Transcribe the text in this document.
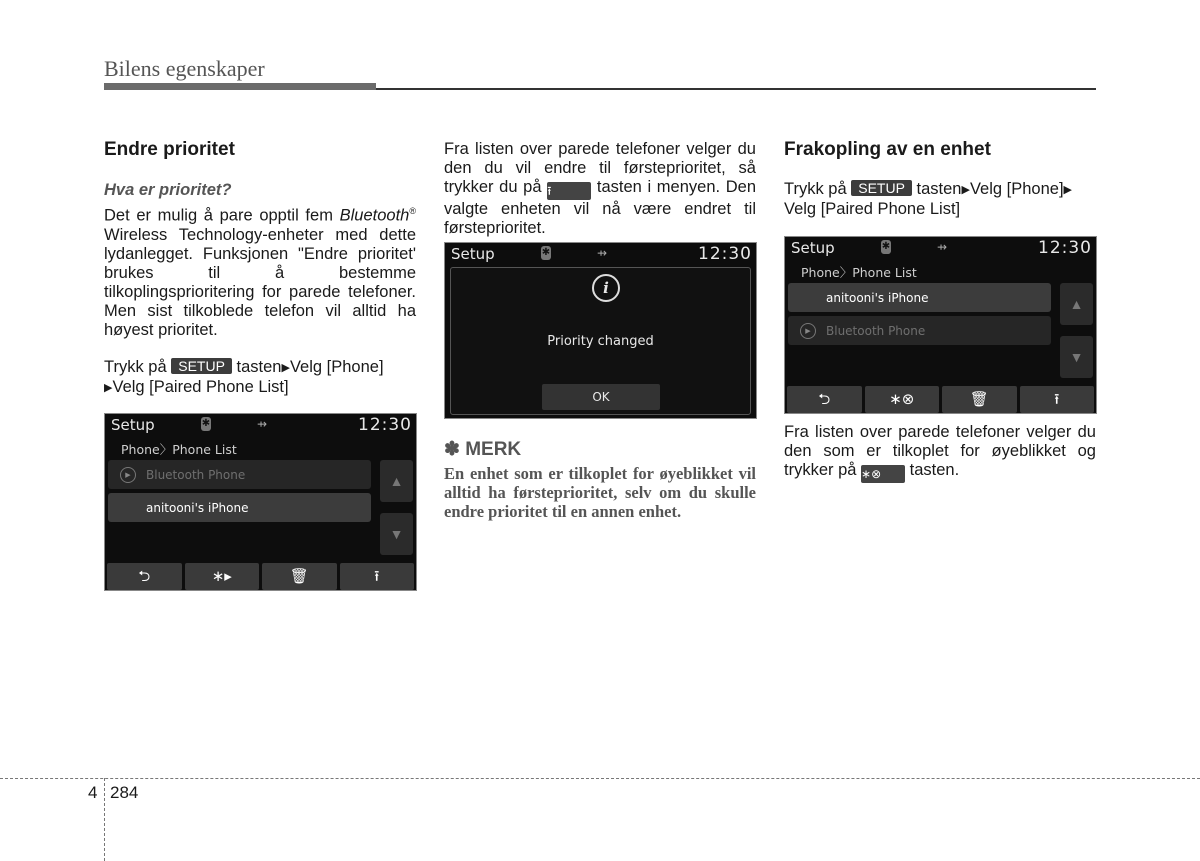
Bilens egenskaper
Endre prioritet

Hva er prioritet?

Det er mulig å pare opptil fem Bluetooth® Wireless Technology-enheter med dette lydanlegget. Funksjonen "Endre prioritet' brukes til å bestemme tilkoplingsprioritering for parede telefoner. Men sist tilkoblede telefon vil alltid ha høyest prioritet.

Trykk på SETUP tasten▶Velg [Phone]
▶Velg [Paired Phone List]

Setup	✱	⇸	12:30
Phone〉Phone List
▶	Bluetooth Phone
anitooni's iPhone
▲
▼
⮌	∗▸	🗑	⭱

Fra listen over parede telefoner velger du den du vil endre til førsteprioritet, så trykker du på ⭱	tasten i menyen. Den valgte enheten vil nå være endret til førsteprioritet.

Setup	✱	⇸	12:30
i
Priority changed
OK
✽ MERK

En enhet som er tilkoplet for øyeblikket vil alltid ha førsteprioritet, selv om du skulle endre prioritet til en annen enhet.

Frakopling av en enhet

Trykk på SETUP tasten▶Velg [Phone]▶
Velg [Paired Phone List]

Setup	✱	⇸	12:30
Phone〉Phone List
anitooni's iPhone
▶	Bluetooth Phone
▲
▼
⮌	∗⊗	🗑	⭱

Fra listen over parede telefoner velger du den som er tilkoplet for øyeblikket og trykker på ∗⊗ tasten.

4 284
